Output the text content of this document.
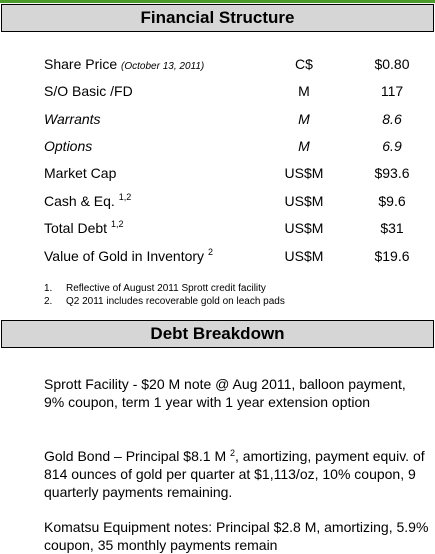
Financial Structure
Share Price (October 13, 2011)	C$	$0.80
S/O Basic /FD	M	117
Warrants	M	8.6
Options	M	6.9
Market Cap	US$M	$93.6
Cash & Eq. $^{1,2}$	US$M	$9.6
Total Debt $^{1,2}$	US$M	$31
Value of Gold in Inventory $^2$	US$M	$19.6
1. Reflective of August 2011 Sprott credit facility
2. Q2 2011 includes recoverable gold on leach pads
Debt Breakdown
Sprott Facility - $20 M note @ Aug 2011, balloon payment, 9% coupon, term 1 year with 1 year extension option
Gold Bond – Principal $8.1 M $^2$, amortizing, payment equiv. of 814 ounces of gold per quarter at $1,113/oz, 10% coupon, 9 quarterly payments remaining.
Komatsu Equipment notes: Principal $2.8 M, amortizing, 5.9% coupon, 35 monthly payments remain
